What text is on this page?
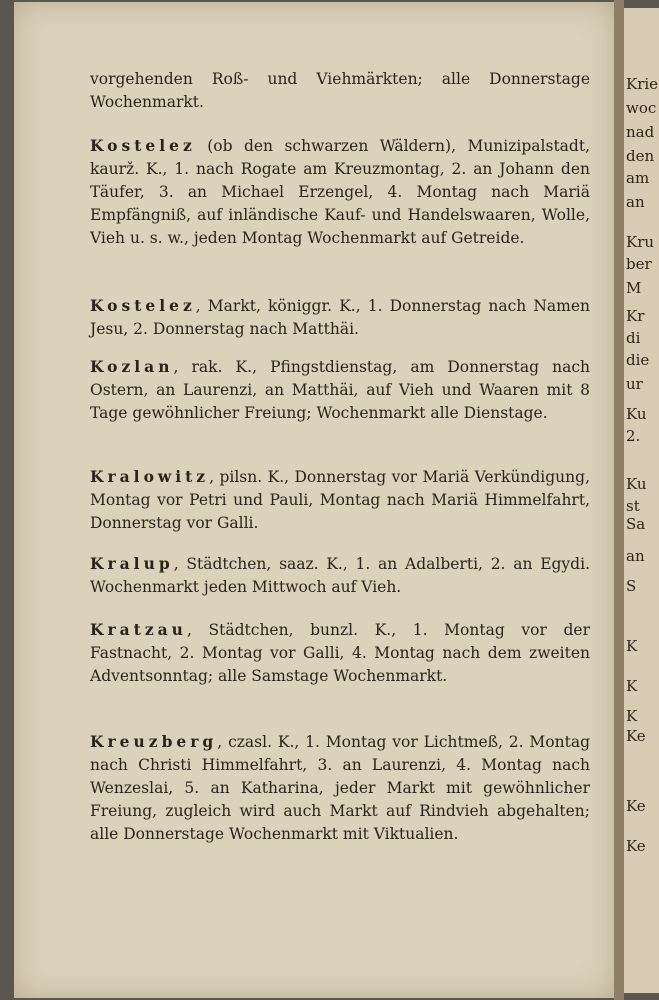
Krie
woc
nad
den
am
an
Kru
ber
M
Kr
di
die
ur
Ku
2.
Ku
st
Sa
an
S
K
K
K
Ke
Ke
Ke

vorgehenden Roß- und Viehmärkten; alle Donnerstage Wochenmarkt.

Kostelez (ob den schwarzen Wäldern), Munizipalstadt, kaurž. K., 1. nach Rogate am Kreuzmontag, 2. an Johann den Täufer, 3. an Michael Erzengel, 4. Montag nach Mariä Empfängniß, auf inländische Kauf- und Handelswaaren, Wolle, Vieh u. s. w., jeden Montag Wochenmarkt auf Getreide.

Kostelez, Markt, königgr. K., 1. Donnerstag nach Namen Jesu, 2. Donnerstag nach Matthäi.

Kozlan, rak. K., Pfingstdienstag, am Donnerstag nach Ostern, an Laurenzi, an Matthäi, auf Vieh und Waaren mit 8 Tage gewöhnlicher Freiung; Wochenmarkt alle Dienstage.

Kralowitz, pilsn. K., Donnerstag vor Mariä Verkündigung, Montag vor Petri und Pauli, Montag nach Mariä Himmelfahrt, Donnerstag vor Galli.

Kralup, Städtchen, saaz. K., 1. an Adalberti, 2. an Egydi. Wochenmarkt jeden Mittwoch auf Vieh.

Kratzau, Städtchen, bunzl. K., 1. Montag vor der Fastnacht, 2. Montag vor Galli, 4. Montag nach dem zweiten Adventsonntag; alle Samstage Wochenmarkt.

Kreuzberg, czasl. K., 1. Montag vor Lichtmeß, 2. Montag nach Christi Himmelfahrt, 3. an Laurenzi, 4. Montag nach Wenzeslai, 5. an Katharina, jeder Markt mit gewöhnlicher Freiung, zugleich wird auch Markt auf Rindvieh abgehalten; alle Donnerstage Wochenmarkt mit Viktualien.
